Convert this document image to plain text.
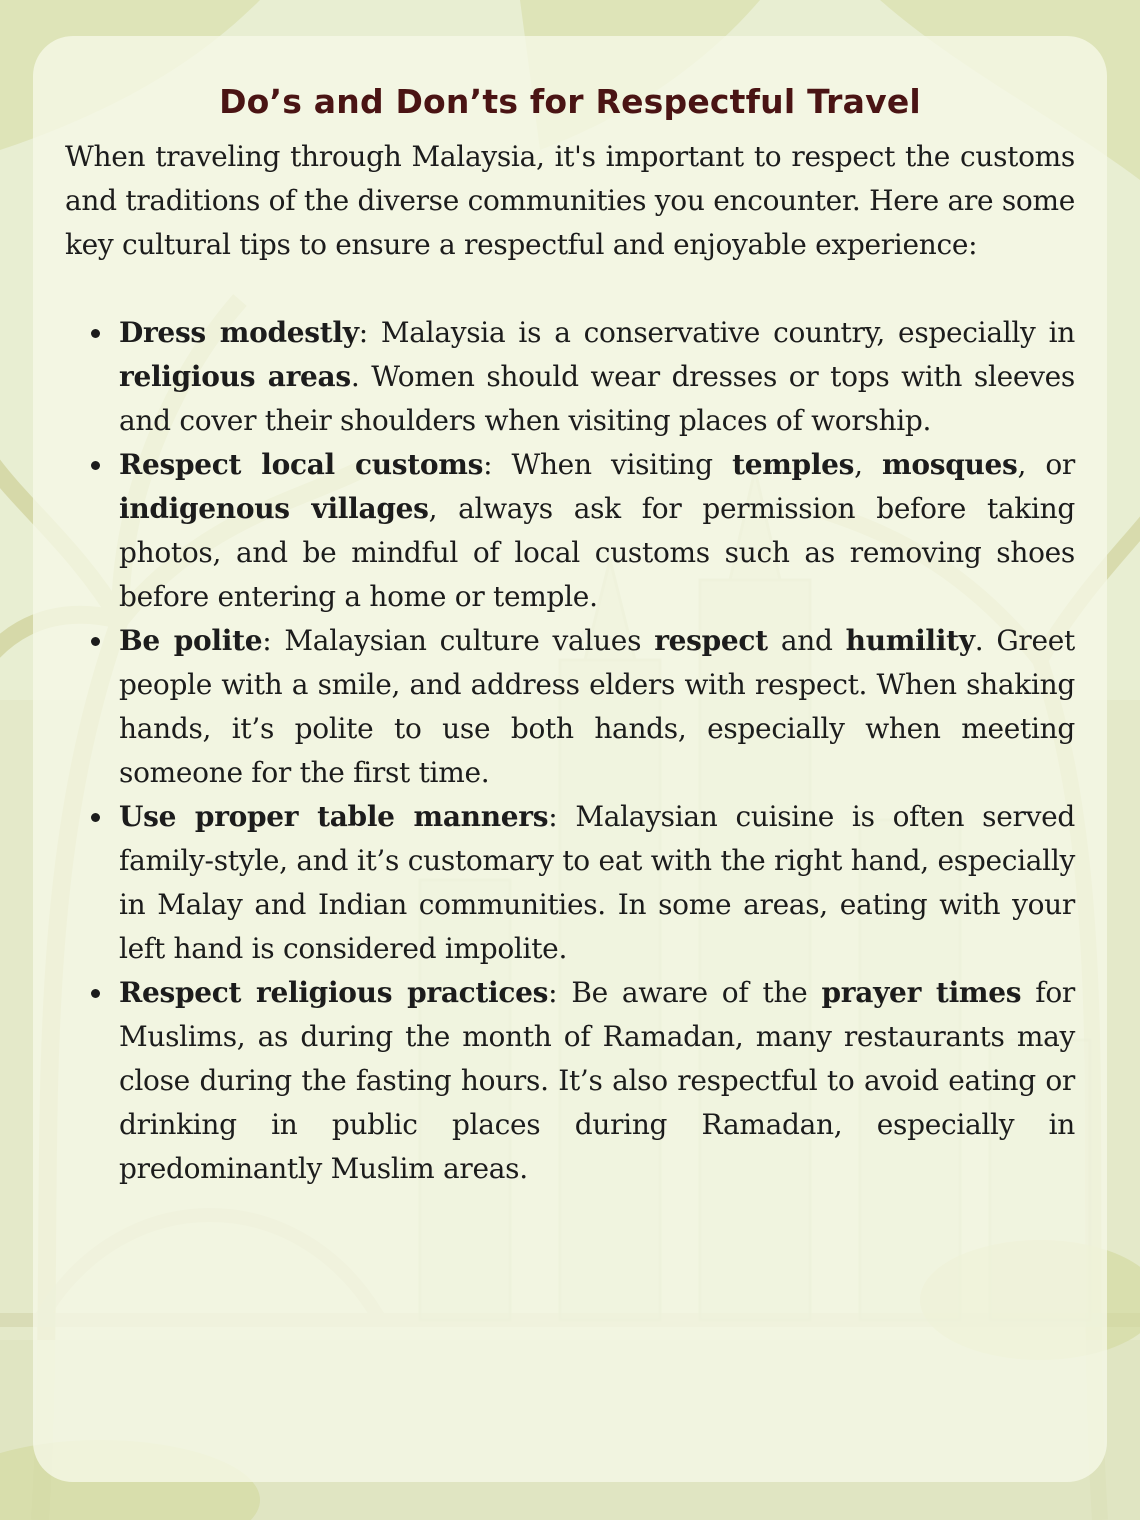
Do’s and Don’ts for Respectful Travel

When traveling through Malaysia, it's important to respect the customs and traditions of the diverse communities you encounter. Here are some key cultural tips to ensure a respectful and enjoyable experience:

Dress modestly: Malaysia is a conservative country, especially in religious areas. Women should wear dresses or tops with sleeves and cover their shoulders when visiting places of worship.
Respect local customs: When visiting temples, mosques, or indigenous villages, always ask for permission before taking photos, and be mindful of local customs such as removing shoes before entering a home or temple.
Be polite: Malaysian culture values respect and humility. Greet people with a smile, and address elders with respect. When shaking hands, it’s polite to use both hands, especially when meeting someone for the first time.
Use proper table manners: Malaysian cuisine is often served family-style, and it’s customary to eat with the right hand, especially in Malay and Indian communities. In some areas, eating with your left hand is considered impolite.
Respect religious practices: Be aware of the prayer times for Muslims, as during the month of Ramadan, many restaurants may close during the fasting hours. It’s also respectful to avoid eating or drinking in public places during Ramadan, especially in predominantly Muslim areas.
